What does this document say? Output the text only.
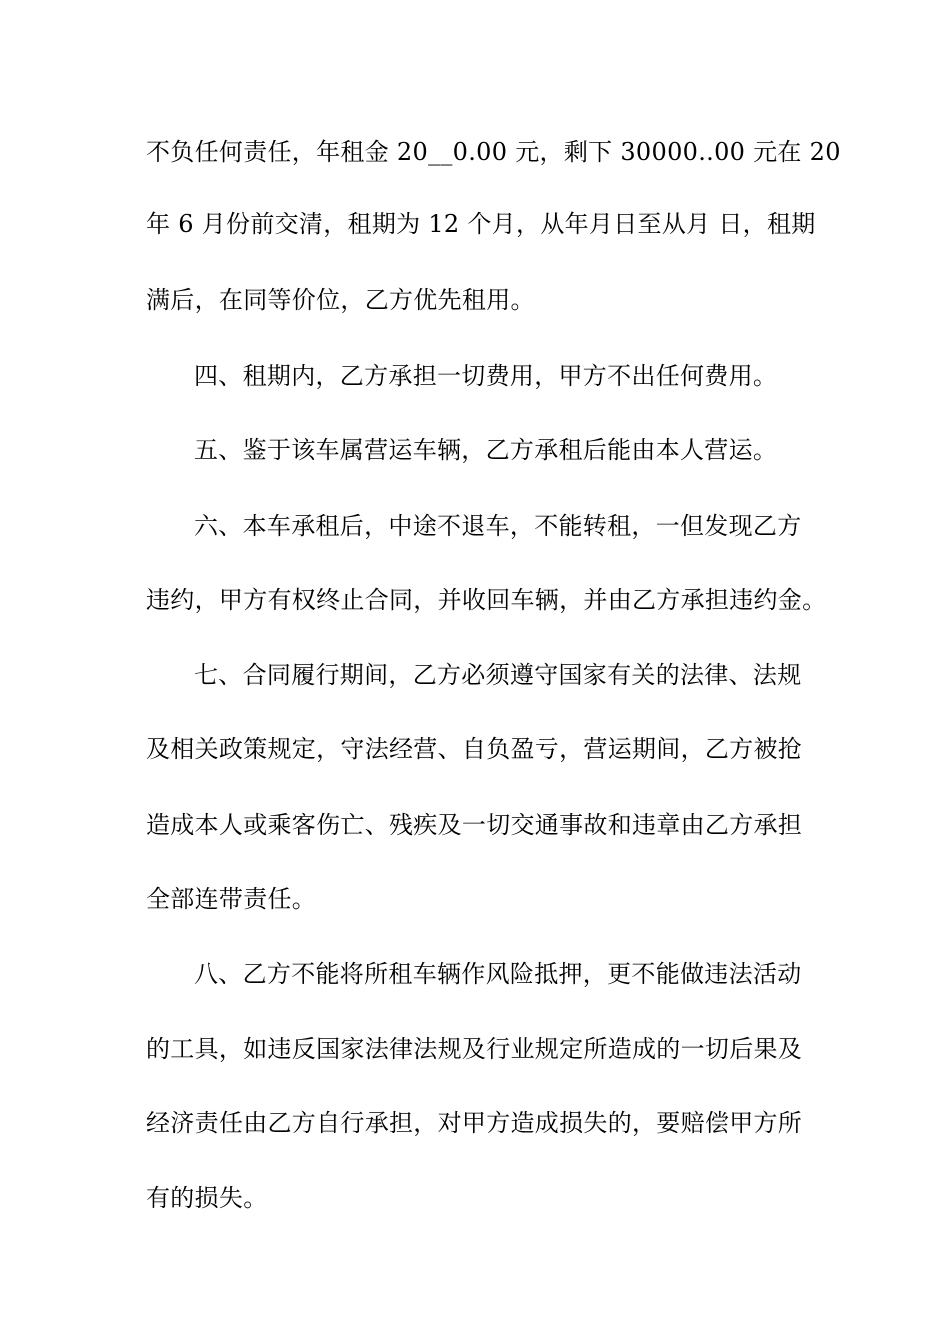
不负任何责任，年租金 20__0.00 元，剩下 30000..00 元在 20
年 6 月份前交清，租期为 12 个月，从年月日至从月 日，租期
满后，在同等价位，乙方优先租用。
四、租期内，乙方承担一切费用，甲方不出任何费用。
五、鉴于该车属营运车辆，乙方承租后能由本人营运。
六、本车承租后，中途不退车，不能转租，一但发现乙方
违约，甲方有权终止合同，并收回车辆，并由乙方承担违约金。
七、合同履行期间，乙方必须遵守国家有关的法律、法规
及相关政策规定，守法经营、自负盈亏，营运期间，乙方被抢
造成本人或乘客伤亡、残疾及一切交通事故和违章由乙方承担
全部连带责任。
八、乙方不能将所租车辆作风险抵押，更不能做违法活动
的工具，如违反国家法律法规及行业规定所造成的一切后果及
经济责任由乙方自行承担，对甲方造成损失的，要赔偿甲方所
有的损失。
